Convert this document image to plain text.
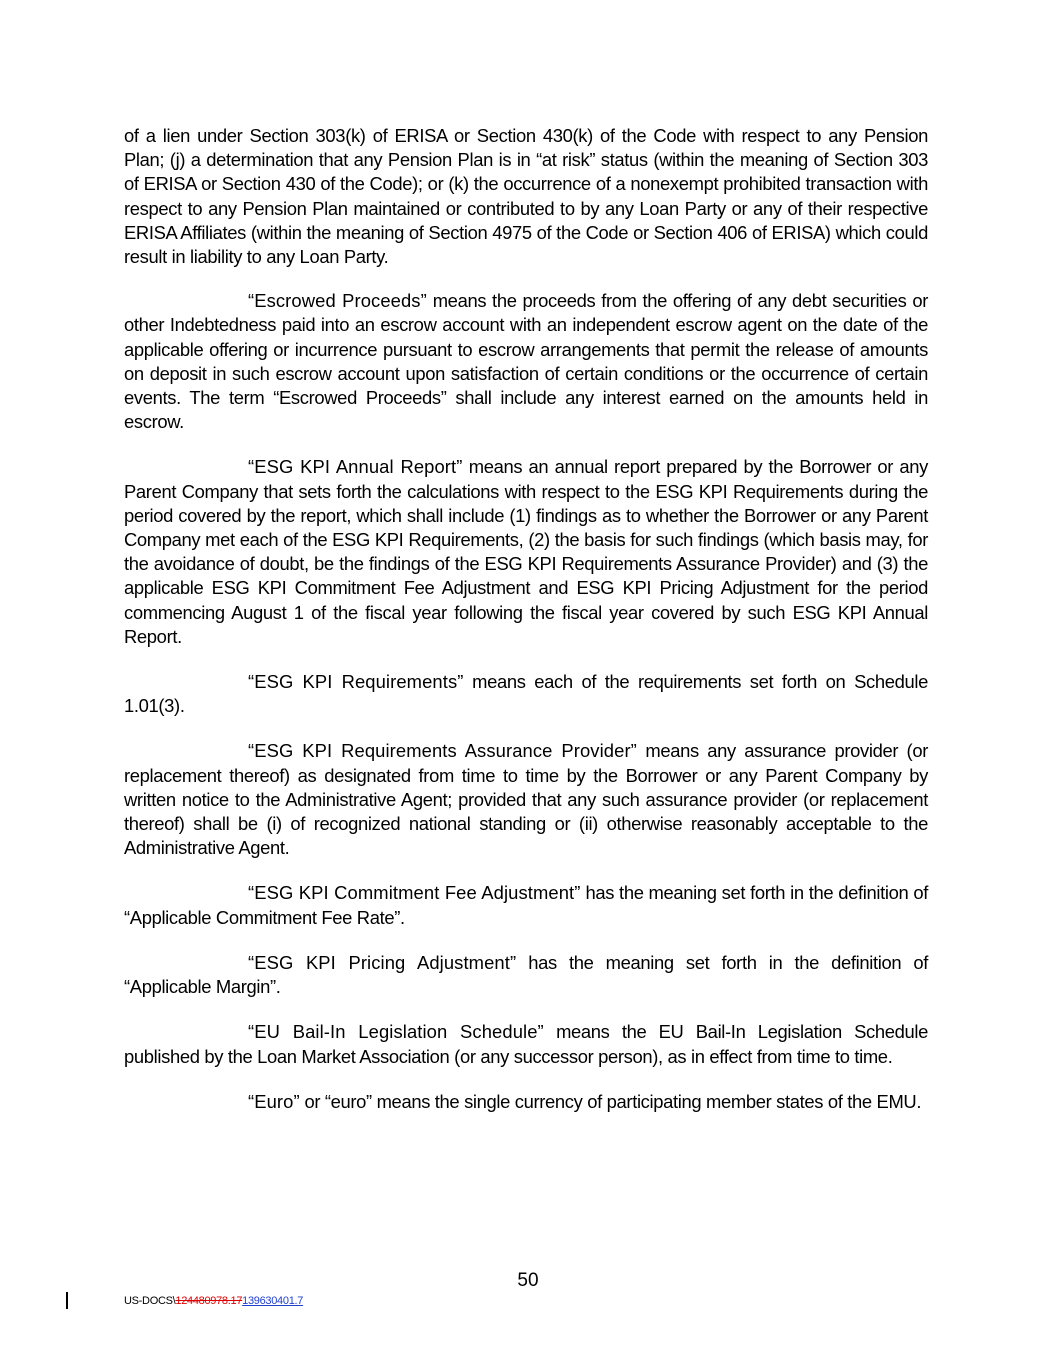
of a lien under Section 303(k) of ERISA or Section 430(k) of the Code with respect to any Pension Plan; (j) a determination that any Pension Plan is in “at risk” status (within the meaning of Section 303 of ERISA or Section 430 of the Code); or (k) the occurrence of a nonexempt prohibited transaction with respect to any Pension Plan maintained or contributed to by any Loan Party or any of their respective ERISA Affiliates (within the meaning of Section 4975 of the Code or Section 406 of ERISA) which could result in liability to any Loan Party.

“Escrowed Proceeds” means the proceeds from the offering of any debt securities or other Indebtedness paid into an escrow account with an independent escrow agent on the date of the applicable offering or incurrence pursuant to escrow arrangements that permit the release of amounts on deposit in such escrow account upon satisfaction of certain conditions or the occurrence of certain events. The term “Escrowed Proceeds” shall include any interest earned on the amounts held in escrow.

“ESG KPI Annual Report” means an annual report prepared by the Borrower or any Parent Company that sets forth the calculations with respect to the ESG KPI Requirements during the period covered by the report, which shall include (1) findings as to whether the Borrower or any Parent Company met each of the ESG KPI Requirements, (2) the basis for such findings (which basis may, for the avoidance of doubt, be the findings of the ESG KPI Requirements Assurance Provider) and (3) the applicable ESG KPI Commitment Fee Adjustment and ESG KPI Pricing Adjustment for the period commencing August 1 of the fiscal year following the fiscal year covered by such ESG KPI Annual Report.

“ESG KPI Requirements” means each of the requirements set forth on Schedule 1.01(3).

“ESG KPI Requirements Assurance Provider” means any assurance provider (or replacement thereof) as designated from time to time by the Borrower or any Parent Company by written notice to the Administrative Agent; provided that any such assurance provider (or replacement thereof) shall be (i) of recognized national standing or (ii) otherwise reasonably acceptable to the Administrative Agent.

“ESG KPI Commitment Fee Adjustment” has the meaning set forth in the definition of “Applicable Commitment Fee Rate”.

“ESG KPI Pricing Adjustment” has the meaning set forth in the definition of “Applicable Margin”.

“EU Bail-In Legislation Schedule” means the EU Bail-In Legislation Schedule published by the Loan Market Association (or any successor person), as in effect from time to time.

“Euro” or “euro” means the single currency of participating member states of the EMU.

50
US-DOCS\124480978.17139630401.7
